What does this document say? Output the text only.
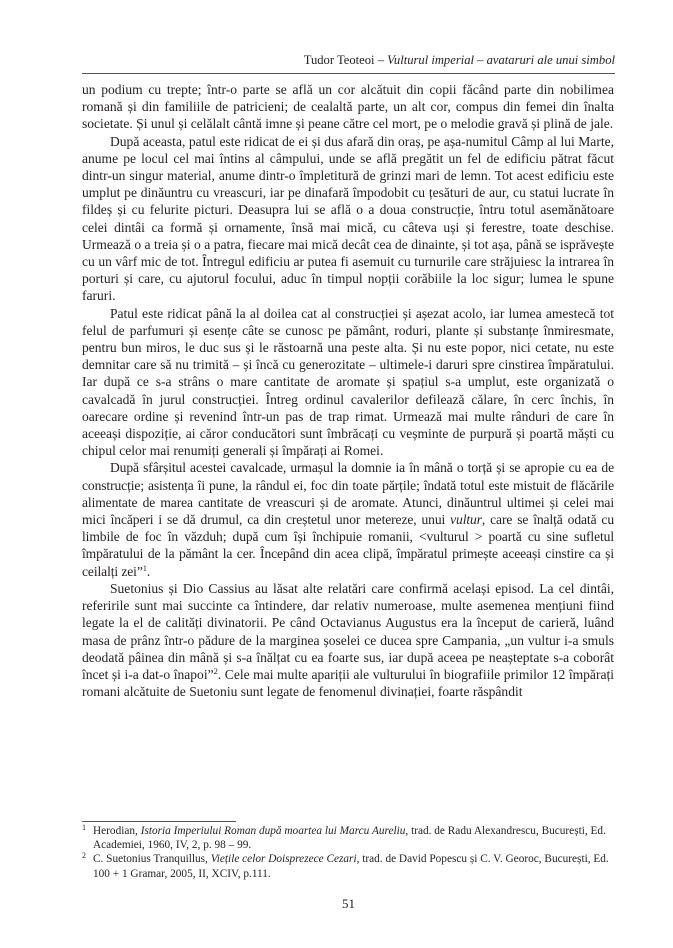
Tudor Teoteoi – Vulturul imperial – avataruri ale unui simbol

un podium cu trepte; într-o parte se află un cor alcătuit din copii făcând parte din nobilimea romană și din familiile de patricieni; de cealaltă parte, un alt cor, compus din femei din înalta societate. Și unul și celălalt cântă imne și peane către cel mort, pe o melodie gravă și plină de jale.

După aceasta, patul este ridicat de ei și dus afară din oraș, pe așa-numitul Câmp al lui Marte, anume pe locul cel mai întins al câmpului, unde se află pregătit un fel de edificiu pătrat făcut dintr-un singur material, anume dintr-o împletitură de grinzi mari de lemn. Tot acest edificiu este umplut pe dinăuntru cu vreascuri, iar pe dinafară împodobit cu țesături de aur, cu statui lucrate în fildeș și cu felurite picturi. Deasupra lui se află o a doua construcție, întru totul asemănătoare celei dintâi ca formă și ornamente, însă mai mică, cu câteva uși și ferestre, toate deschise. Urmează o a treia și o a patra, fiecare mai mică decât cea de dinainte, și tot așa, până se isprăvește cu un vârf mic de tot. Întregul edificiu ar putea fi asemuit cu turnurile care străjuiesc la intrarea în porturi și care, cu ajutorul focului, aduc în timpul nopții corăbiile la loc sigur; lumea le spune faruri.

Patul este ridicat până la al doilea cat al construcției și așezat acolo, iar lumea amestecă tot felul de parfumuri și esențe câte se cunosc pe pământ, roduri, plante și substanțe înmiresmate, pentru bun miros, le duc sus și le răstoarnă una peste alta. Și nu este popor, nici cetate, nu este demnitar care să nu trimită – și încă cu generozitate – ultimele-i daruri spre cinstirea împăratului. Iar după ce s-a strâns o mare cantitate de aromate și spațiul s-a umplut, este organizată o cavalcadă în jurul construcției. Întreg ordinul cavalerilor defilează călare, în cerc închis, în oarecare ordine și revenind într-un pas de trap rimat. Urmează mai multe rânduri de care în aceeași dispoziție, ai căror conducători sunt îmbrăcați cu veșminte de purpură și poartă măști cu chipul celor mai renumiți generali și împărați ai Romei.

După sfârșitul acestei cavalcade, urmașul la domnie ia în mână o torță și se apropie cu ea de construcție; asistența îi pune, la rândul ei, foc din toate părțile; îndată totul este mistuit de flăcările alimentate de marea cantitate de vreascuri și de aromate. Atunci, dinăuntrul ultimei și celei mai mici încăperi i se dă drumul, ca din creștetul unor metereze, unui vultur, care se înalță odată cu limbile de foc în văzduh; după cum își închipuie romanii, <vulturul > poartă cu sine sufletul împăratului de la pământ la cer. Începând din acea clipă, împăratul primește aceeași cinstire ca și ceilalți zei”$^1$.

Suetonius și Dio Cassius au lăsat alte relatări care confirmă același episod. La cel dintâi, referirile sunt mai succinte ca întindere, dar relativ numeroase, multe asemenea mențiuni fiind legate la el de calități divinatorii. Pe când Octavianus Augustus era la început de carieră, luând masa de prânz într-o pădure de la marginea șoselei ce ducea spre Campania, „un vultur i-a smuls deodată pâinea din mână și s-a înălțat cu ea foarte sus, iar după aceea pe neașteptate s-a coborât încet și i-a dat-o înapoi”$^2$. Cele mai multe apariții ale vulturului în biografiile primilor 12 împărați romani alcătuite de Suetoniu sunt legate de fenomenul divinației, foarte răspândit

1 Herodian, Istoria Imperiului Roman după moartea lui Marcu Aureliu, trad. de Radu Alexandrescu, București, Ed. Academiei, 1960, IV, 2, p. 98 – 99.
2 C. Suetonius Tranquillus, Viețile celor Doisprezece Cezari, trad. de David Popescu și C. V. Georoc, București, Ed. 100 + 1 Gramar, 2005, II, XCIV, p.111.
51
